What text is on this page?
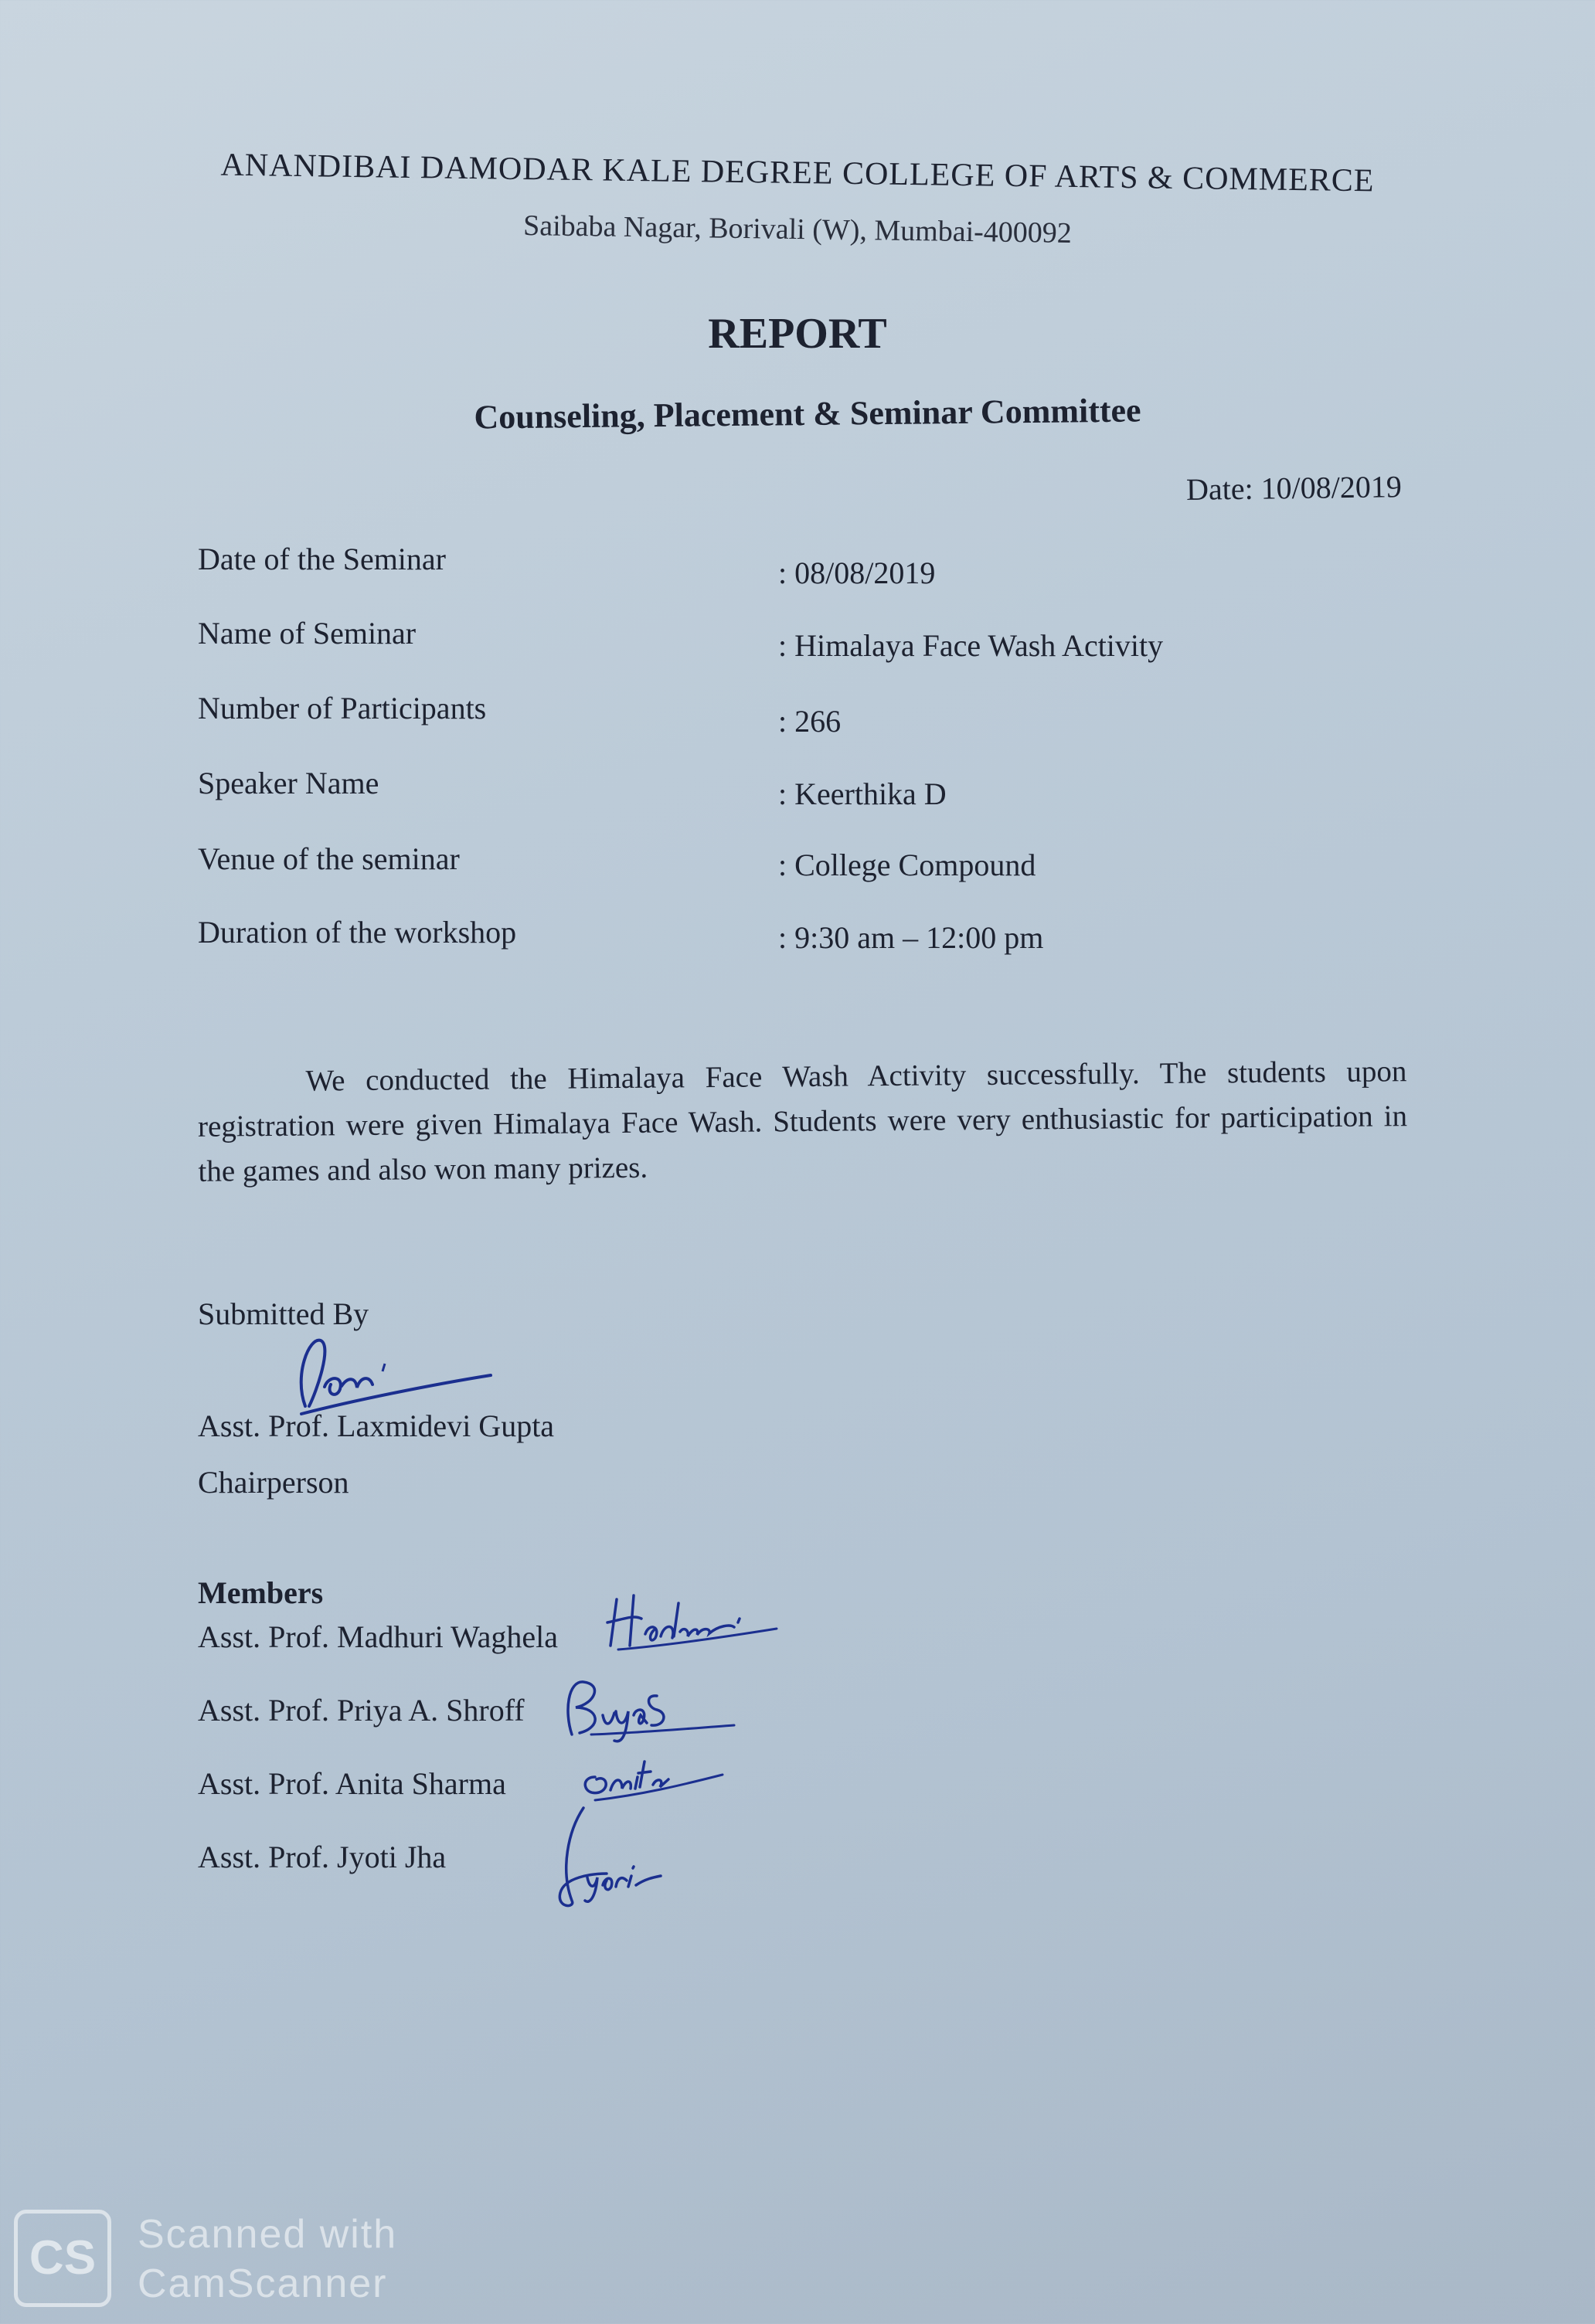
ANANDIBAI DAMODAR KALE DEGREE COLLEGE OF ARTS & COMMERCE
Saibaba Nagar, Borivali (W), Mumbai-400092
REPORT
Counseling, Placement & Seminar Committee
Date: 10/08/2019
Date of the Seminar	: 08/08/2019
Name of Seminar	: Himalaya Face Wash Activity
Number of Participants	: 266
Speaker Name	: Keerthika D
Venue of the seminar	: College Compound
Duration of the workshop	: 9:30 am – 12:00 pm
We conducted the Himalaya Face Wash Activity successfully. The students upon registration were given Himalaya Face Wash. Students were very enthusiastic for participation in the games and also won many prizes.
Submitted By
Asst. Prof. Laxmidevi Gupta
Chairperson
Members
Asst. Prof. Madhuri Waghela
Asst. Prof. Priya A. Shroff
Asst. Prof. Anita Sharma
Asst. Prof. Jyoti Jha
CS	Scanned with
CamScanner
